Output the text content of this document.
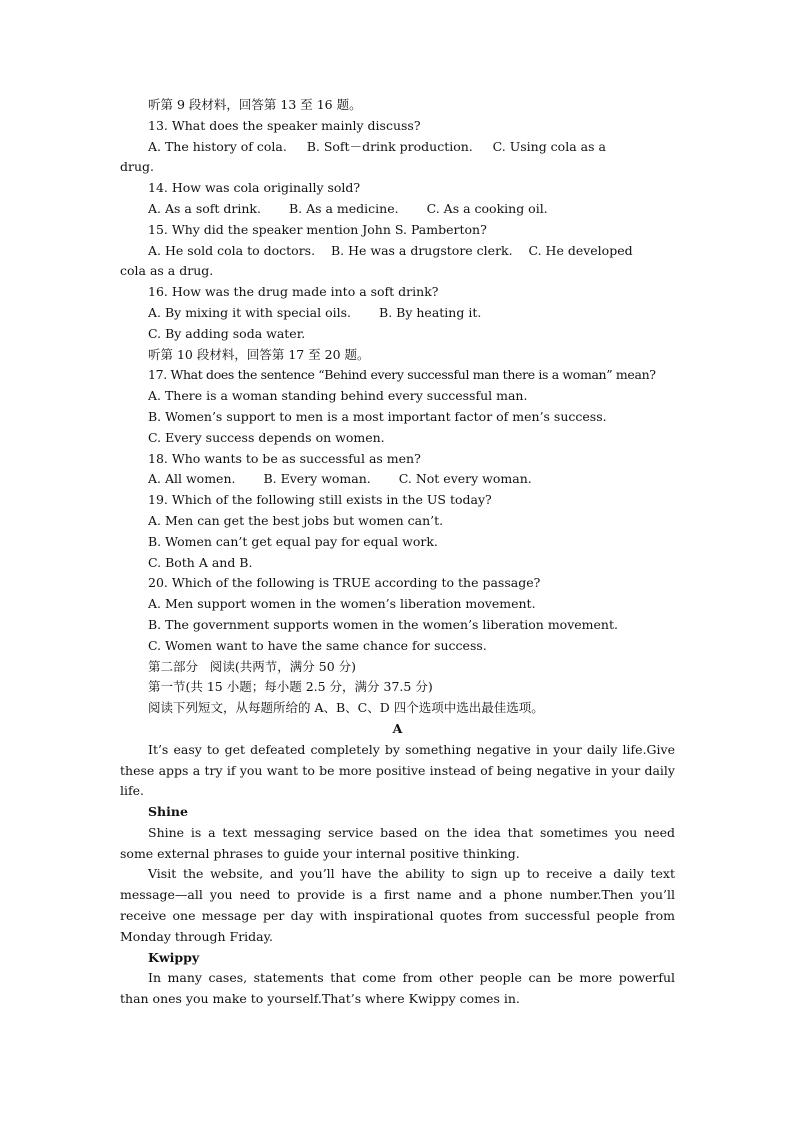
听第 9 段材料，回答第 13 至 16 题。
13. What does the speaker mainly discuss?
A. The history of cola.     B. Soft－drink production.     C. Using cola as a
drug.
14. How was cola originally sold?
A. As a soft drink. B. As a medicine. C. As a cooking oil.
15. Why did the speaker mention John S. Pamberton?
A. He sold cola to doctors.    B. He was a drugstore clerk.    C. He developed
cola as a drug.
16. How was the drug made into a soft drink?
A. By mixing it with special oils. B. By heating it.
C. By adding soda water.
听第 10 段材料，回答第 17 至 20 题。
17. What does the sentence “Behind every successful man there is a woman” mean?
A. There is a woman standing behind every successful man.
B. Women’s support to men is a most important factor of men’s success.
C. Every success depends on women.
18. Who wants to be as successful as men?
A. All women. B. Every woman. C. Not every woman.
19. Which of the following still exists in the US today?
A. Men can get the best jobs but women can’t.
B. Women can’t get equal pay for equal work.
C. Both A and B.
20. Which of the following is TRUE according to the passage?
A. Men support women in the women’s liberation movement.
B. The government supports women in the women’s liberation movement.
C. Women want to have the same chance for success.
第二部分   阅读(共两节，满分 50 分)
第一节(共 15 小题；每小题 2.5 分，满分 37.5 分)
阅读下列短文，从每题所给的 A、B、C、D 四个选项中选出最佳选项。
A
It’s easy to get defeated completely by something negative in your daily life.Give these apps a try if you want to be more positive instead of being negative in your daily life.
Shine
Shine is a text messaging service based on the idea that sometimes you need some external phrases to guide your internal positive thinking.
Visit the website, and you’ll have the ability to sign up to receive a daily text message—all you need to provide is a first name and a phone number.Then you’ll receive one message per day with inspirational quotes from successful people from Monday through Friday.
Kwippy
In many cases, statements that come from other people can be more powerful than ones you make to yourself.That’s where Kwippy comes in.
